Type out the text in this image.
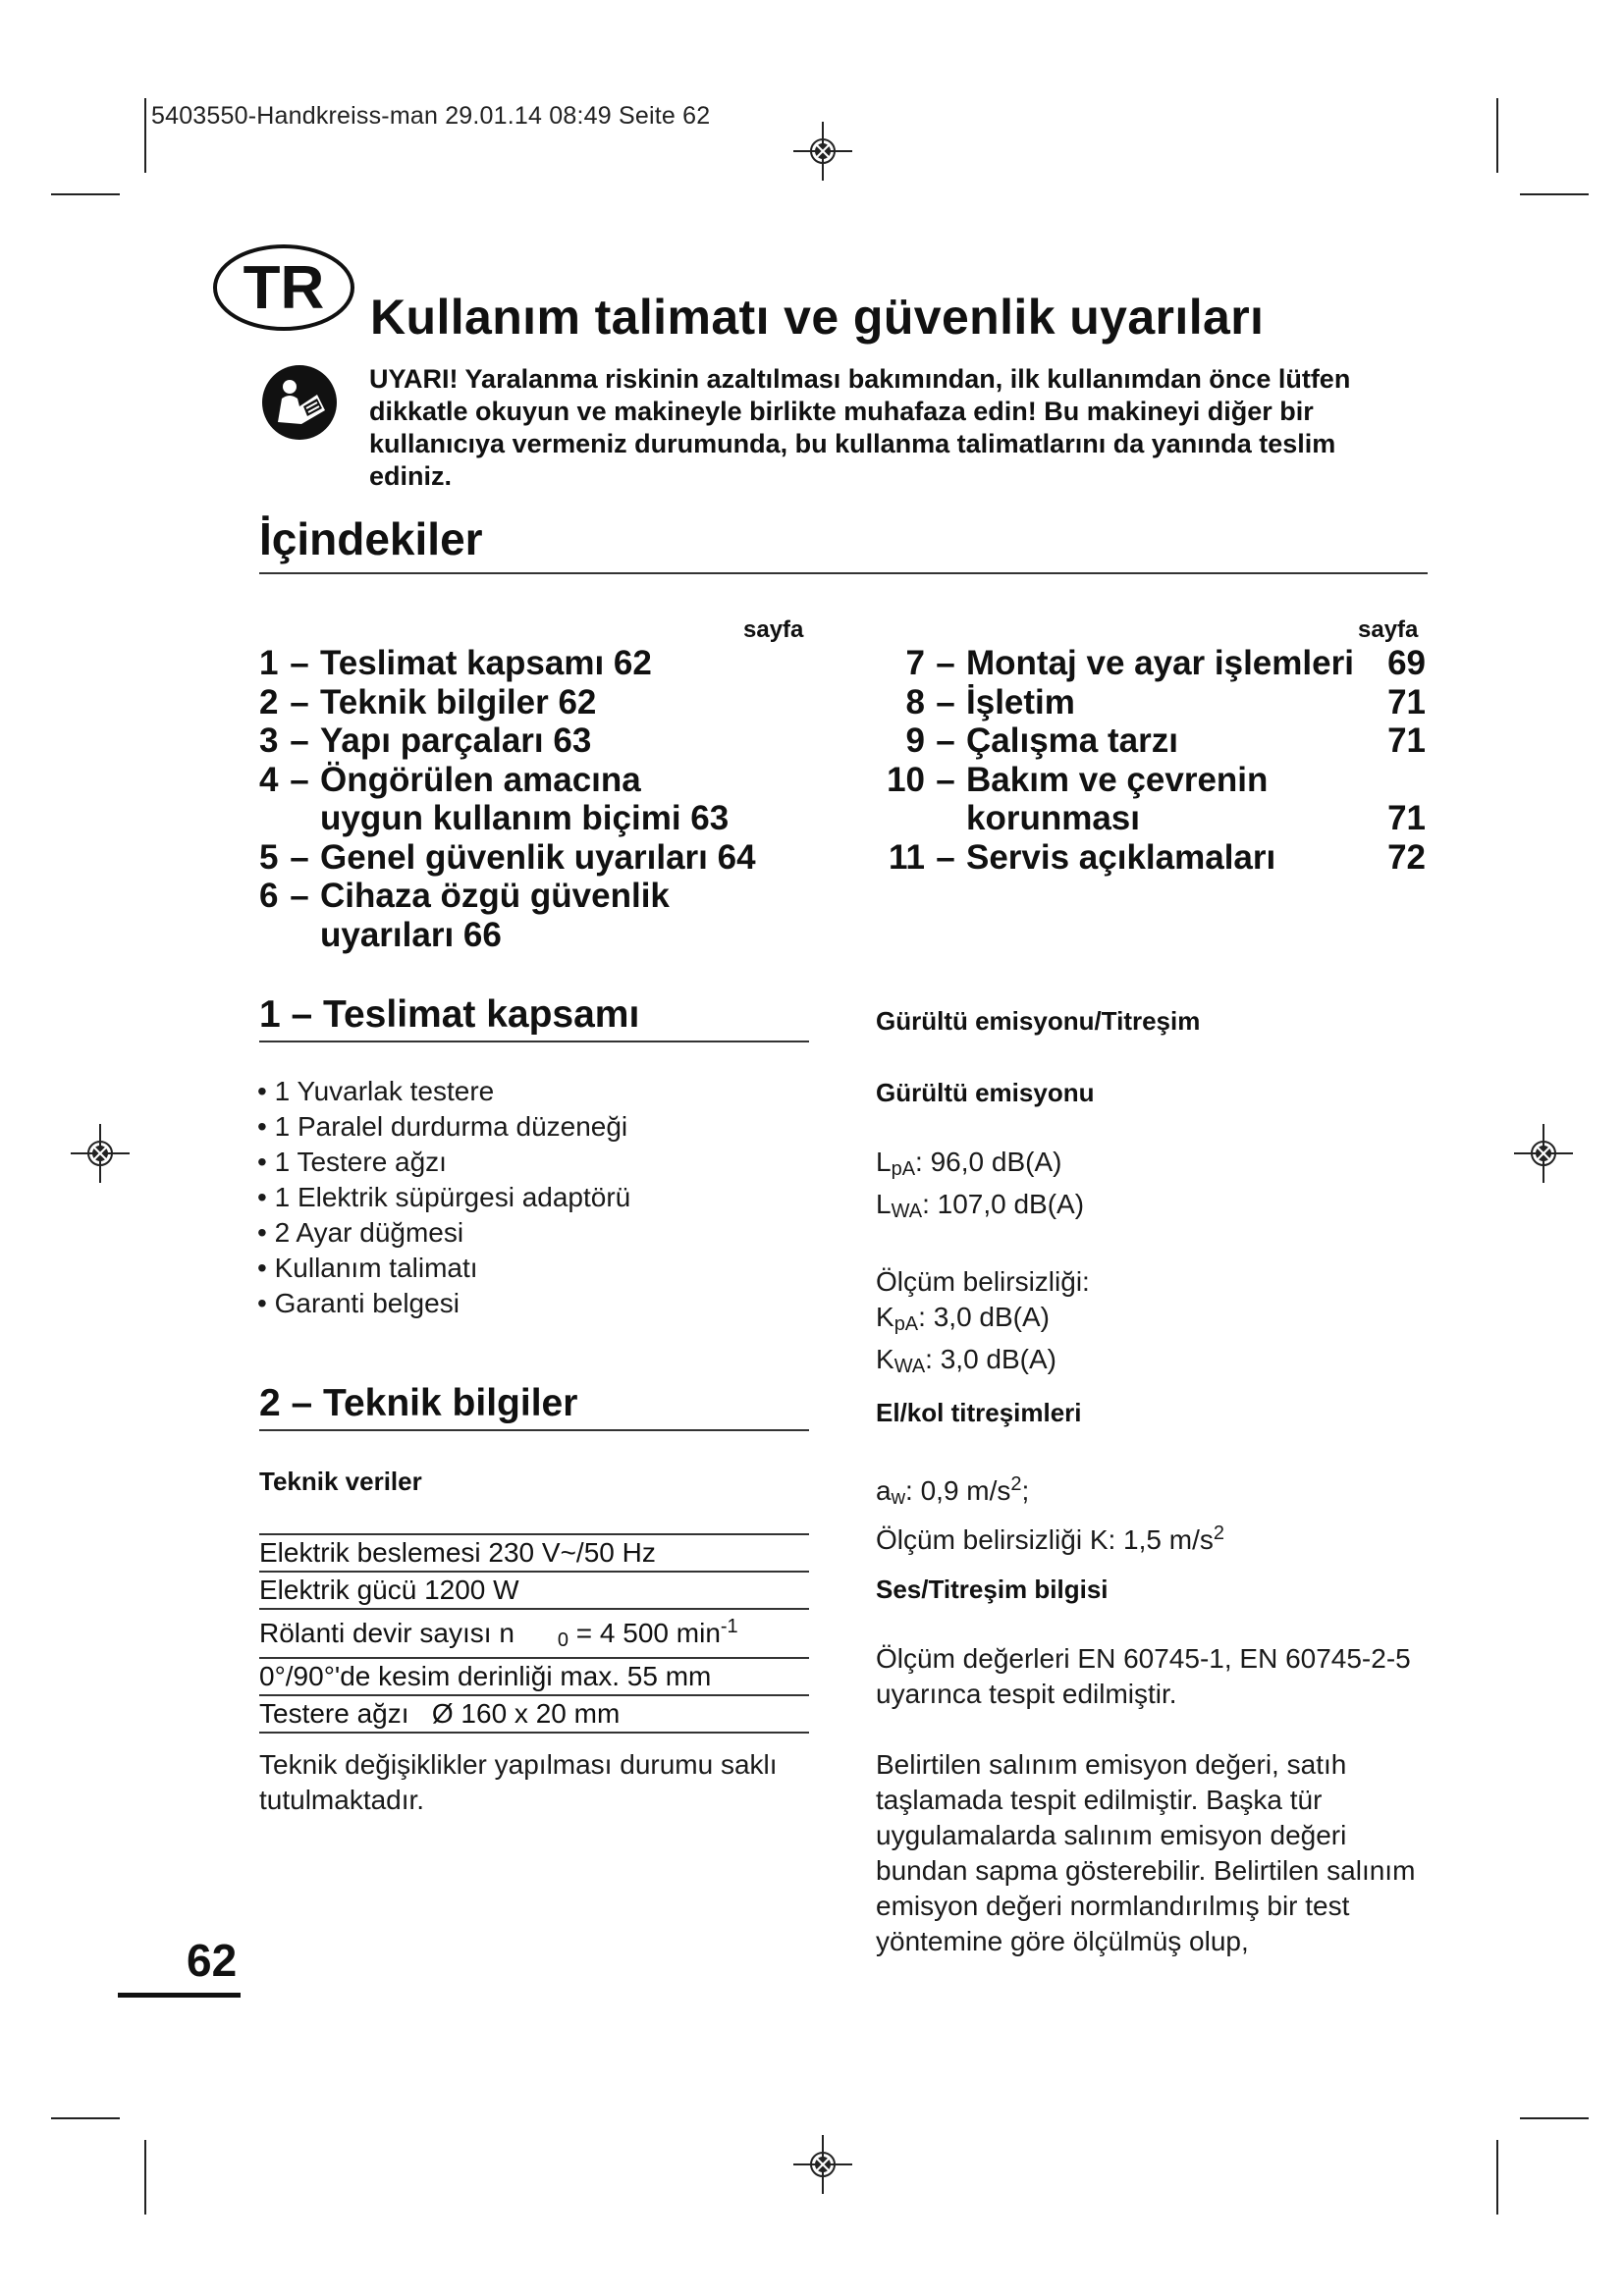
5403550-Handkreiss-man 29.01.14 08:49 Seite 62
TR Kullanım talimatı ve güvenlik uyarıları
UYARI! Yaralanma riskinin azaltılması bakımından, ilk kullanımdan önce lütfen dikkatle okuyun ve makineyle birlikte muhafaza edin! Bu makineyi diğer bir kullanıcıya vermeniz durumunda, bu kullanma talimatlarını da yanında teslim ediniz.
İçindekiler
sayfa	sayfa
1 – Teslimat kapsamı 62
2 – Teknik bilgiler 62
3 – Yapı parçaları 63
4 – Öngörülen amacına
uygun kullanım biçimi 63
5 – Genel güvenlik uyarıları 64
6 – Cihaza özgü güvenlik
uyarıları 66
7 – Montaj ve ayar işlemleri 69
8 – İşletim	71
9 – Çalışma tarzı	71
10 – Bakım ve çevrenin
korunması	71
11 – Servis açıklamaları	72
1 – Teslimat kapsamı
• 1 Yuvarlak testere
• 1 Paralel durdurma düzeneği
• 1 Testere ağzı
• 1 Elektrik süpürgesi adaptörü
• 2 Ayar düğmesi
• Kullanım talimatı
• Garanti belgesi
2 – Teknik bilgiler
Teknik veriler
Elektrik beslemesi 230 V~/50 Hz
Elektrik gücü 1200 W
Rölanti devir sayısı n $_0$ = 4 500 $\min^{-1}$
0°/90°'de kesim derinliği max. 55 mm
Testere ağzı   Ø 160 x 20 mm
Teknik değişiklikler yapılması durumu saklı tutulmaktadır.
Gürültü emisyonu/Titreşim
Gürültü emisyonu
$L_{pA}$: 96,0 dB(A)
$L_{WA}$: 107,0 dB(A)
Ölçüm belirsizliği:
$K_{pA}$: 3,0 dB(A)
$K_{WA}$: 3,0 dB(A)
El/kol titreşimleri
$a_w$: 0,9 $m/s^2$;
Ölçüm belirsizliği K: 1,5 $m/s^2$
Ses/Titreşim bilgisi
Ölçüm değerleri EN 60745-1, EN 60745-2-5 uyarınca tespit edilmiştir.
Belirtilen salınım emisyon değeri, satıh taşlamada tespit edilmiştir. Başka tür uygulamalarda salınım emisyon değeri bundan sapma gösterebilir. Belirtilen salınım emisyon değeri normlandırılmış bir test yöntemine göre ölçülmüş olup,
62
